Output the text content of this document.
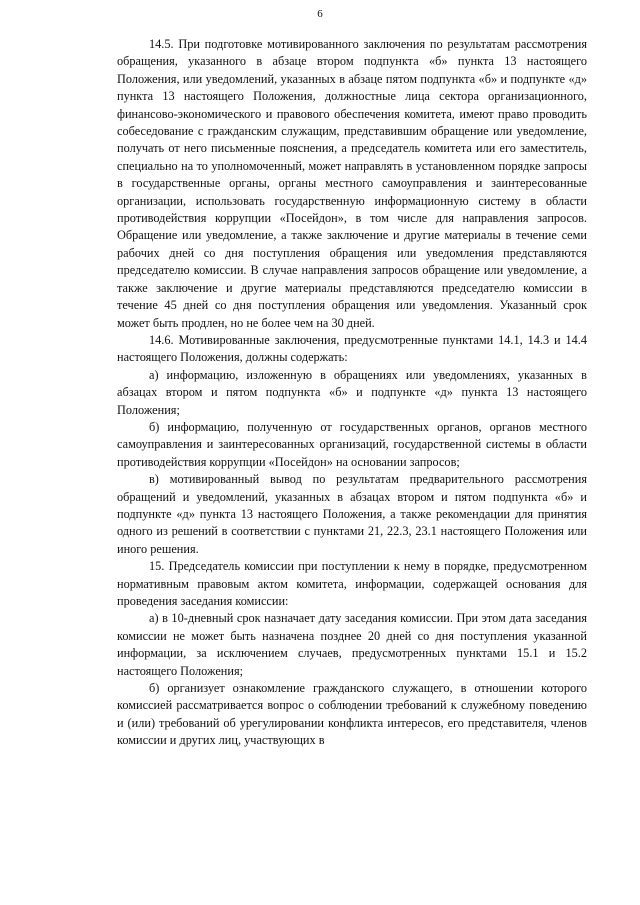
6

14.5. При подготовке мотивированного заключения по результатам рассмотрения обращения, указанного в абзаце втором подпункта «б» пункта 13 настоящего Положения, или уведомлений, указанных в абзаце пятом подпункта «б» и подпункте «д» пункта 13 настоящего Положения, должностные лица сектора организационного, финансово-экономического и правового обеспечения комитета, имеют право проводить собеседование с гражданским служащим, представившим обращение или уведомление, получать от него письменные пояснения, а председатель комитета или его заместитель, специально на то уполномоченный, может направлять в установленном порядке запросы в государственные органы, органы местного самоуправления и заинтересованные организации, использовать государственную информационную систему в области противодействия коррупции «Посейдон», в том числе для направления запросов. Обращение или уведомление, а также заключение и другие материалы в течение семи рабочих дней со дня поступления обращения или уведомления представляются председателю комиссии. В случае направления запросов обращение или уведомление, а также заключение и другие материалы представляются председателю комиссии в течение 45 дней со дня поступления обращения или уведомления. Указанный срок может быть продлен, но не более чем на 30 дней.

14.6. Мотивированные заключения, предусмотренные пунктами 14.1, 14.3 и 14.4 настоящего Положения, должны содержать:

а) информацию, изложенную в обращениях или уведомлениях, указанных в абзацах втором и пятом подпункта «б» и подпункте «д» пункта 13 настоящего Положения;

б) информацию, полученную от государственных органов, органов местного самоуправления и заинтересованных организаций, государственной системы в области противодействия коррупции «Посейдон» на основании запросов;

в) мотивированный вывод по результатам предварительного рассмотрения обращений и уведомлений, указанных в абзацах втором и пятом подпункта «б» и подпункте «д» пункта 13 настоящего Положения, а также рекомендации для принятия одного из решений в соответствии с пунктами 21, 22.3, 23.1 настоящего Положения или иного решения.

15. Председатель комиссии при поступлении к нему в порядке, предусмотренном нормативным правовым актом комитета, информации, содержащей основания для проведения заседания комиссии:

а) в 10-дневный срок назначает дату заседания комиссии. При этом дата заседания комиссии не может быть назначена позднее 20 дней со дня поступления указанной информации, за исключением случаев, предусмотренных пунктами 15.1 и 15.2 настоящего Положения;

б) организует ознакомление гражданского служащего, в отношении которого комиссией рассматривается вопрос о соблюдении требований к служебному поведению и (или) требований об урегулировании конфликта интересов, его представителя, членов комиссии и других лиц, участвующих в
